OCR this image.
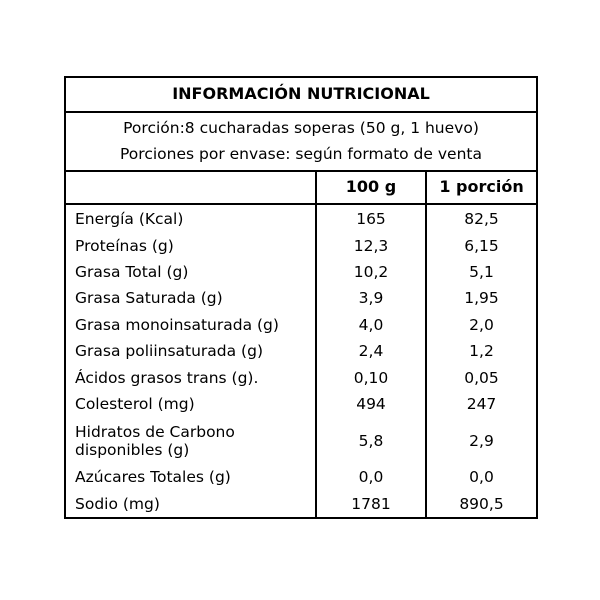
INFORMACIÓN NUTRICIONAL		
Porción:8 cucharadas soperas (50 g, 1 huevo)		
Porciones por envase: según formato de venta		
	100 g	1 porción
Energía (Kcal)	165	82,5
Proteínas (g)	12,3	6,15
Grasa Total (g)	10,2	5,1
Grasa Saturada (g)	3,9	1,95
Grasa monoinsaturada (g)	4,0	2,0
Grasa poliinsaturada (g)	2,4	1,2
Ácidos grasos trans (g).	0,10	0,05
Colesterol (mg)	494	247
Hidratos de Carbono
disponibles (g)	5,8	2,9
Azúcares Totales (g)	0,0	0,0
Sodio (mg)	1781	890,5
